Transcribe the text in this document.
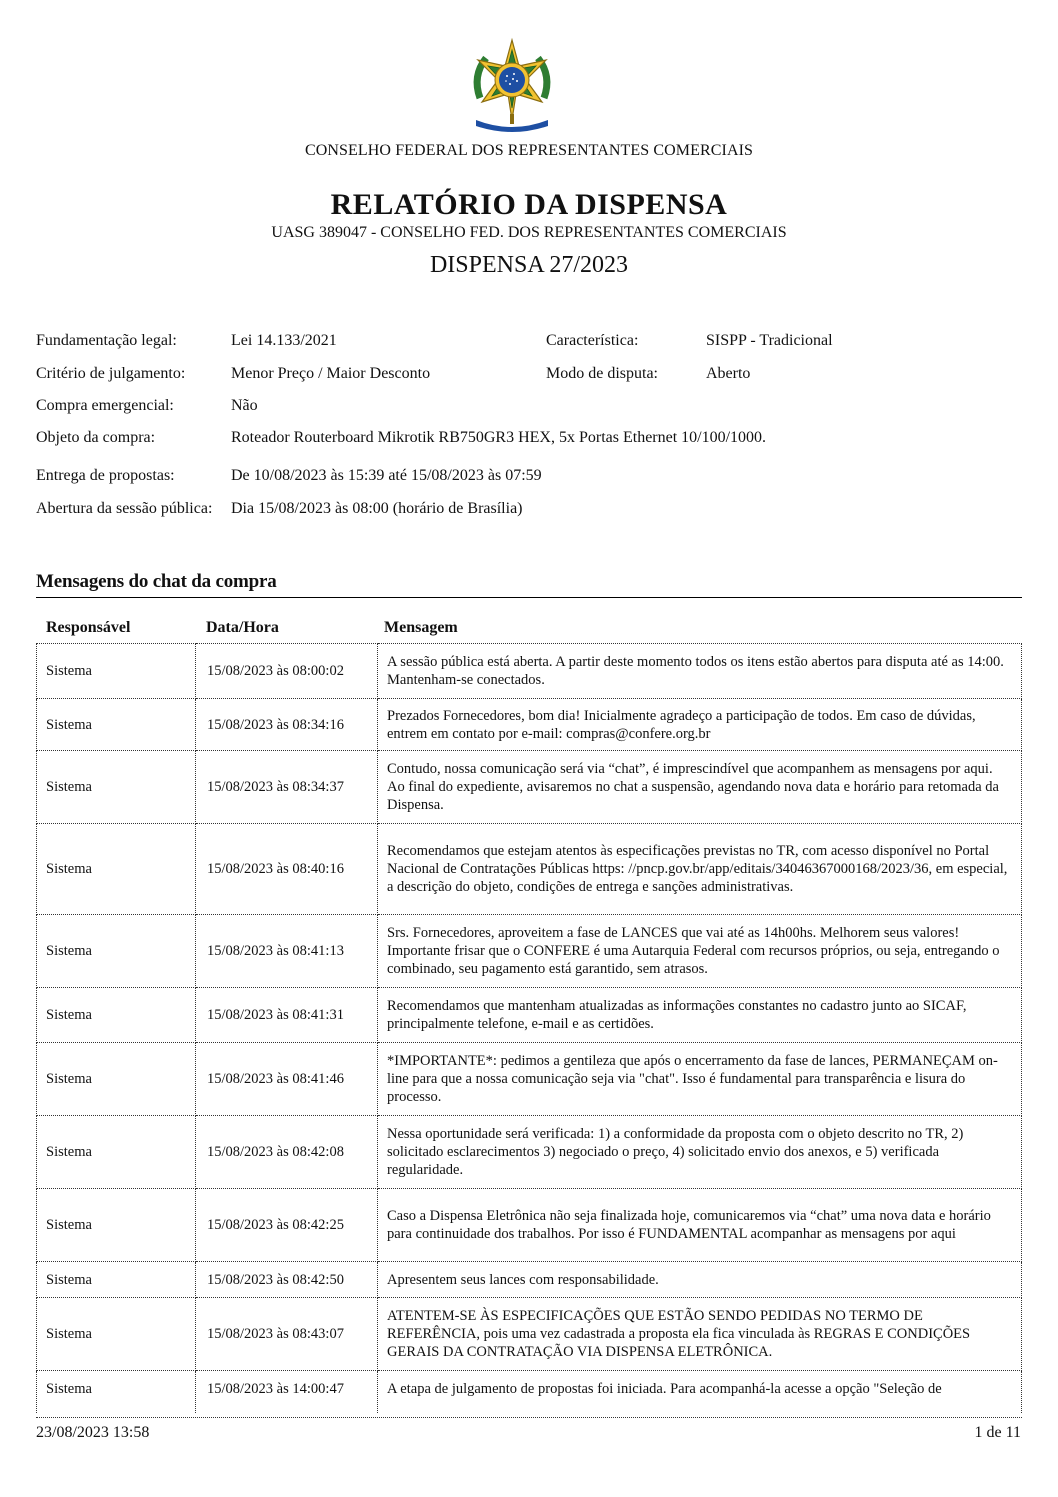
CONSELHO FEDERAL DOS REPRESENTANTES COMERCIAIS
RELATÓRIO DA DISPENSA
UASG 389047 - CONSELHO FED. DOS REPRESENTANTES COMERCIAIS
DISPENSA 27/2023
Fundamentação legal:	Lei 14.133/2021	Característica:	SISPP - Tradicional
Critério de julgamento:	Menor Preço / Maior Desconto	Modo de disputa:	Aberto
Compra emergencial:	Não
Objeto da compra:	Roteador Routerboard Mikrotik RB750GR3 HEX, 5x Portas Ethernet 10/100/1000.
Entrega de propostas:	De 10/08/2023 às 15:39 até 15/08/2023 às 07:59
Abertura da sessão pública: Dia 15/08/2023 às 08:00 (horário de Brasília)
Mensagens do chat da compra
Responsável	Data/Hora	Mensagem
Sistema	15/08/2023 às 08:00:02	A sessão pública está aberta. A partir deste momento todos os itens estão abertos para disputa até as 14:00. Mantenham-se conectados.
Sistema	15/08/2023 às 08:34:16	Prezados Fornecedores, bom dia! Inicialmente agradeço a participação de todos. Em caso de dúvidas, entrem em contato por e-mail: compras@confere.org.br
Sistema	15/08/2023 às 08:34:37	Contudo, nossa comunicação será via “chat”, é imprescindível que acompanhem as mensagens por aqui. Ao final do expediente, avisaremos no chat a suspensão, agendando nova data e horário para retomada da Dispensa.
Sistema	15/08/2023 às 08:40:16	Recomendamos que estejam atentos às especificações previstas no TR, com acesso disponível no Portal Nacional de Contratações Públicas https: //pncp.gov.br/app/editais/34046367000168/2023/36, em especial, a descrição do objeto, condições de entrega e sanções administrativas.
Sistema	15/08/2023 às 08:41:13	Srs. Fornecedores, aproveitem a fase de LANCES que vai até as 14h00hs. Melhorem seus valores! Importante frisar que o CONFERE é uma Autarquia Federal com recursos próprios, ou seja, entregando o combinado, seu pagamento está garantido, sem atrasos.
Sistema	15/08/2023 às 08:41:31	Recomendamos que mantenham atualizadas as informações constantes no cadastro junto ao SICAF, principalmente telefone, e-mail e as certidões.
Sistema	15/08/2023 às 08:41:46	*IMPORTANTE*: pedimos a gentileza que após o encerramento da fase de lances, PERMANEÇAM on-line para que a nossa comunicação seja via "chat". Isso é fundamental para transparência e lisura do processo.
Sistema	15/08/2023 às 08:42:08	Nessa oportunidade será verificada: 1) a conformidade da proposta com o objeto descrito no TR, 2) solicitado esclarecimentos 3) negociado o preço, 4) solicitado envio dos anexos, e 5) verificada regularidade.
Sistema	15/08/2023 às 08:42:25	Caso a Dispensa Eletrônica não seja finalizada hoje, comunicaremos via “chat” uma nova data e horário para continuidade dos trabalhos. Por isso é FUNDAMENTAL acompanhar as mensagens por aqui
Sistema	15/08/2023 às 08:42:50	Apresentem seus lances com responsabilidade.
Sistema	15/08/2023 às 08:43:07	ATENTEM-SE ÀS ESPECIFICAÇÕES QUE ESTÃO SENDO PEDIDAS NO TERMO DE REFERÊNCIA, pois uma vez cadastrada a proposta ela fica vinculada às REGRAS E CONDIÇÕES GERAIS DA CONTRATAÇÃO VIA DISPENSA ELETRÔNICA.
Sistema	15/08/2023 às 14:00:47	A etapa de julgamento de propostas foi iniciada. Para acompanhá-la acesse a opção "Seleção de
23/08/2023 13:58	1 de 11
